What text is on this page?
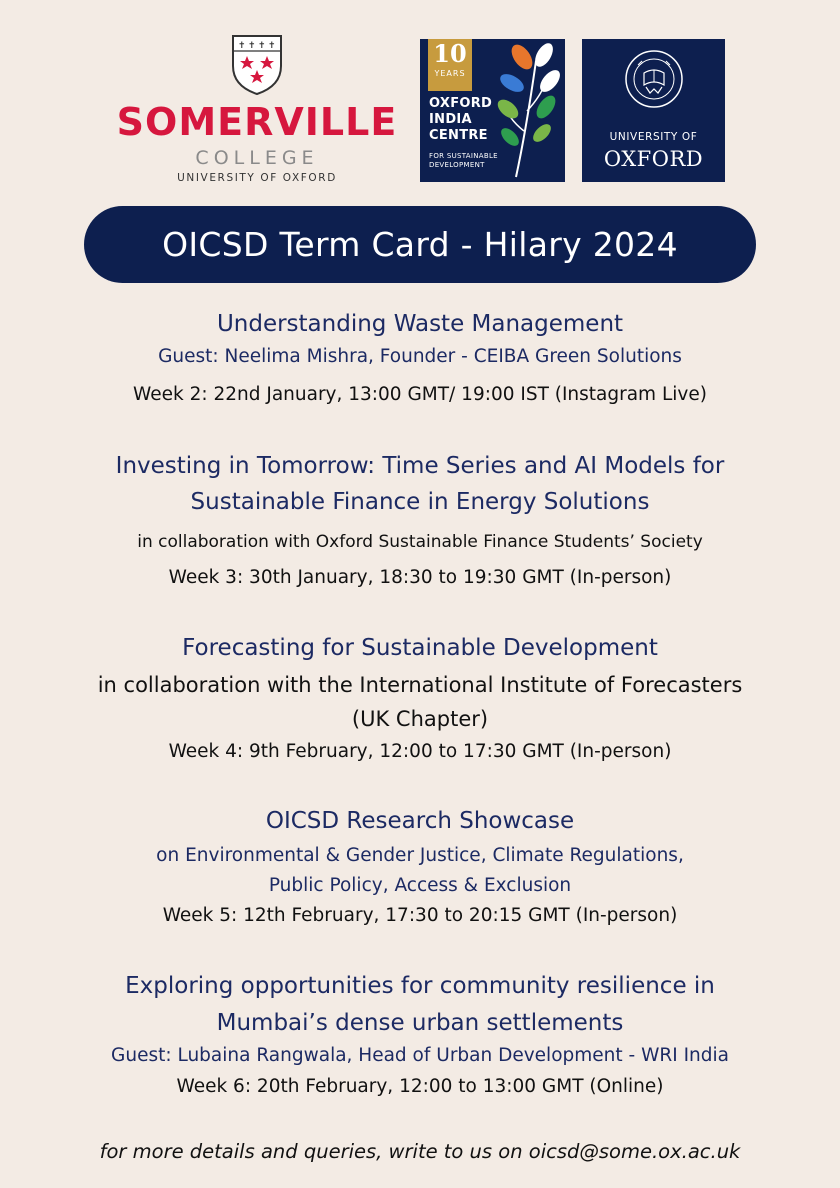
✝ ✝ ✝ ✝
SOMERVILLE
COLLEGE
UNIVERSITY OF OXFORD
10
YEARS
OXFORD
INDIA
CENTRE
FOR SUSTAINABLE
DEVELOPMENT
UNIVERSITY OF
OXFORD
OICSD Term Card - Hilary 2024
Understanding Waste Management
Guest: Neelima Mishra, Founder - CEIBA Green Solutions
Week 2: 22nd January, 13:00 GMT/ 19:00 IST (Instagram Live)
Investing in Tomorrow: Time Series and AI Models for
Sustainable Finance in Energy Solutions
in collaboration with Oxford Sustainable Finance Students’ Society
Week 3: 30th January, 18:30 to 19:30 GMT (In-person)
Forecasting for Sustainable Development
in collaboration with the International Institute of Forecasters
(UK Chapter)
Week 4: 9th February, 12:00 to 17:30 GMT (In-person)
OICSD Research Showcase
on Environmental & Gender Justice, Climate Regulations,
Public Policy, Access & Exclusion
Week 5: 12th February, 17:30 to 20:15 GMT (In-person)
Exploring opportunities for community resilience in
Mumbai’s dense urban settlements
Guest: Lubaina Rangwala, Head of Urban Development - WRI India
Week 6: 20th February, 12:00 to 13:00 GMT (Online)
for more details and queries, write to us on oicsd@some.ox.ac.uk
